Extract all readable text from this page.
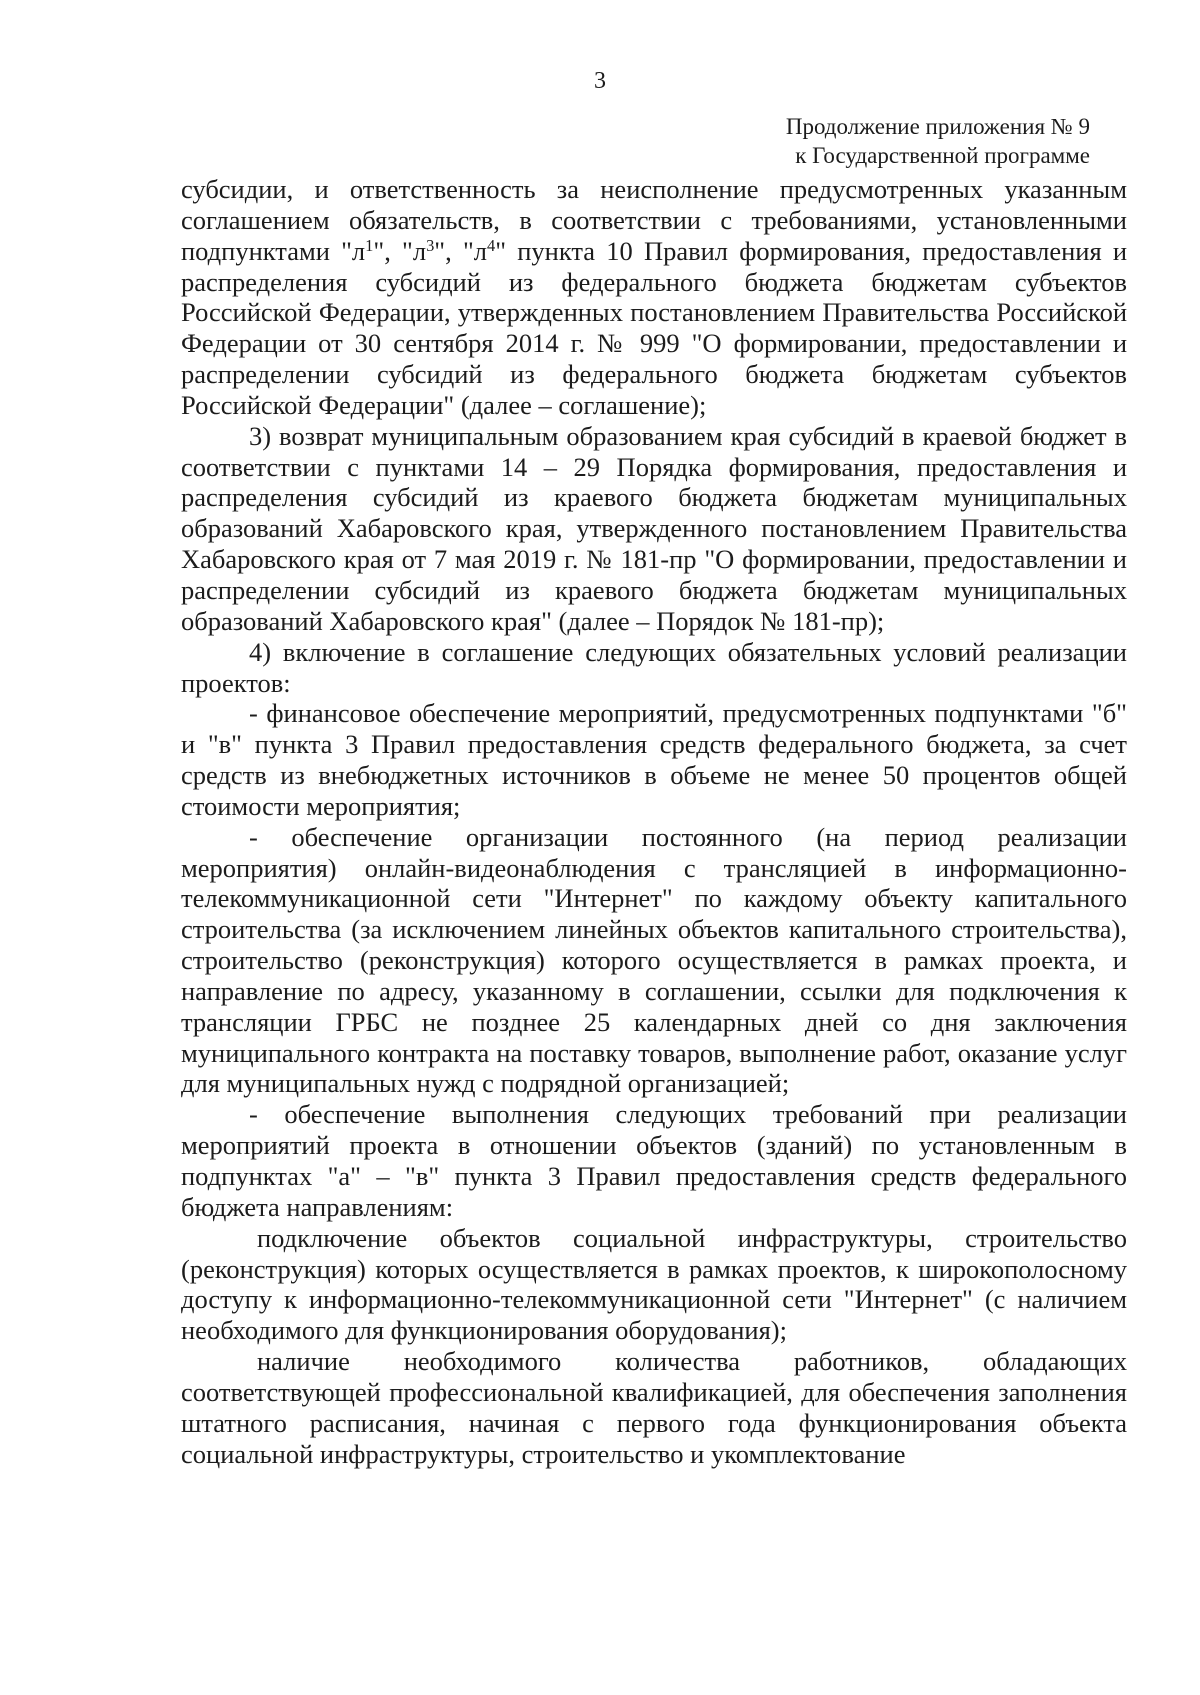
3
Продолжение приложения № 9
к Государственной программе

субсидии, и ответственность за неисполнение предусмотренных указанным соглашением обязательств, в соответствии с требованиями, установленными подпунктами "$л^1$", "$л^3$", "$л^4$" пункта 10 Правил формирования, предоставления и распределения субсидий из федерального бюджета бюджетам субъектов Российской Федерации, утвержденных постановлением Правительства Российской Федерации от 30 сентября 2014 г. № 999 "О формировании, предоставлении и распределении субсидий из федерального бюджета бюджетам субъектов Российской Федерации" (далее – соглашение);

3) возврат муниципальным образованием края субсидий в краевой бюджет в соответствии с пунктами 14 – 29 Порядка формирования, предоставления и распределения субсидий из краевого бюджета бюджетам муниципальных образований Хабаровского края, утвержденного постановлением Правительства Хабаровского края от 7 мая 2019 г. № 181-пр "О формировании, предоставлении и распределении субсидий из краевого бюджета бюджетам муниципальных образований Хабаровского края" (далее – Порядок № 181-пр);

4) включение в соглашение следующих обязательных условий реализации проектов:

- финансовое обеспечение мероприятий, предусмотренных подпунктами "б" и "в" пункта 3 Правил предоставления средств федерального бюджета, за счет средств из внебюджетных источников в объеме не менее 50 процентов общей стоимости мероприятия;

- обеспечение организации постоянного (на период реализации мероприятия) онлайн-видеонаблюдения с трансляцией в информационно-телекоммуникационной сети "Интернет" по каждому объекту капитального строительства (за исключением линейных объектов капитального строительства), строительство (реконструкция) которого осуществляется в рамках проекта, и направление по адресу, указанному в соглашении, ссылки для подключения к трансляции ГРБС не позднее 25 календарных дней со дня заключения муниципального контракта на поставку товаров, выполнение работ, оказание услуг для муниципальных нужд с подрядной организацией;

- обеспечение выполнения следующих требований при реализации мероприятий проекта в отношении объектов (зданий) по установленным в подпунктах "а" – "в" пункта 3 Правил предоставления средств федерального бюджета направлениям:

подключение объектов социальной инфраструктуры, строительство (реконструкция) которых осуществляется в рамках проектов, к широкополосному доступу к информационно-телекоммуникационной сети "Интернет" (с наличием необходимого для функционирования оборудования);

наличие необходимого количества работников, обладающих соответствующей профессиональной квалификацией, для обеспечения заполнения штатного расписания, начиная с первого года функционирования объекта социальной инфраструктуры, строительство и укомплектование
